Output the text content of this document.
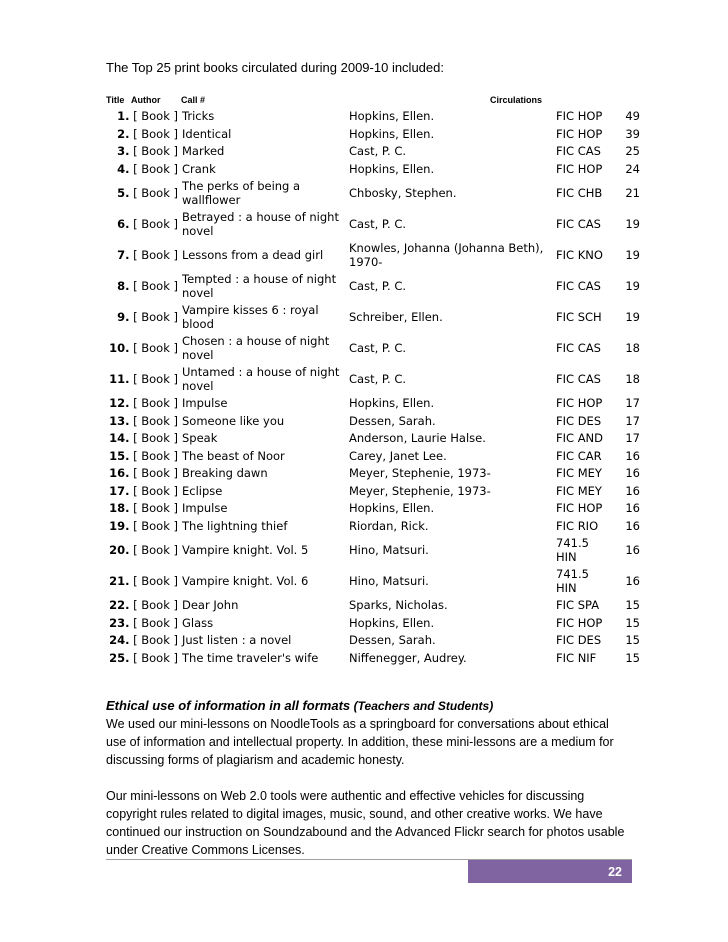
The Top 25 print books circulated during 2009-10 included:
Title Author Call #	Circulations
1. [ Book ]	Tricks	Hopkins, Ellen.	FIC HOP	49
2. [ Book ]	Identical	Hopkins, Ellen.	FIC HOP	39
3. [ Book ]	Marked	Cast, P. C.	FIC CAS	25
4. [ Book ]	Crank	Hopkins, Ellen.	FIC HOP	24
5. [ Book ]	The perks of being a wallflower	Chbosky, Stephen.	FIC CHB	21
6. [ Book ]	Betrayed : a house of night novel	Cast, P. C.	FIC CAS	19
7. [ Book ]	Lessons from a dead girl	Knowles, Johanna (Johanna Beth), 1970-	FIC KNO	19
8. [ Book ]	Tempted : a house of night novel	Cast, P. C.	FIC CAS	19
9. [ Book ]	Vampire kisses 6 : royal blood	Schreiber, Ellen.	FIC SCH	19
10. [ Book ]	Chosen : a house of night novel	Cast, P. C.	FIC CAS	18
11. [ Book ]	Untamed : a house of night novel	Cast, P. C.	FIC CAS	18
12. [ Book ]	Impulse	Hopkins, Ellen.	FIC HOP	17
13. [ Book ]	Someone like you	Dessen, Sarah.	FIC DES	17
14. [ Book ]	Speak	Anderson, Laurie Halse.	FIC AND	17
15. [ Book ]	The beast of Noor	Carey, Janet Lee.	FIC CAR	16
16. [ Book ]	Breaking dawn	Meyer, Stephenie, 1973-	FIC MEY	16
17. [ Book ]	Eclipse	Meyer, Stephenie, 1973-	FIC MEY	16
18. [ Book ]	Impulse	Hopkins, Ellen.	FIC HOP	16
19. [ Book ]	The lightning thief	Riordan, Rick.	FIC RIO	16
20. [ Book ]	Vampire knight. Vol. 5	Hino, Matsuri.	741.5 HIN	16
21. [ Book ]	Vampire knight. Vol. 6	Hino, Matsuri.	741.5 HIN	16
22. [ Book ]	Dear John	Sparks, Nicholas.	FIC SPA	15
23. [ Book ]	Glass	Hopkins, Ellen.	FIC HOP	15
24. [ Book ]	Just listen : a novel	Dessen, Sarah.	FIC DES	15
25. [ Book ]	The time traveler's wife	Niffenegger, Audrey.	FIC NIF	15

Ethical use of information in all formats (Teachers and Students)
We used our mini-lessons on NoodleTools as a springboard for conversations about ethical use of information and intellectual property. In addition, these mini-lessons are a medium for discussing forms of plagiarism and academic honesty.

Our mini-lessons on Web 2.0 tools were authentic and effective vehicles for discussing copyright rules related to digital images, music, sound, and other creative works. We have continued our instruction on Soundzabound and the Advanced Flickr search for photos usable under Creative Commons Licenses.

22
